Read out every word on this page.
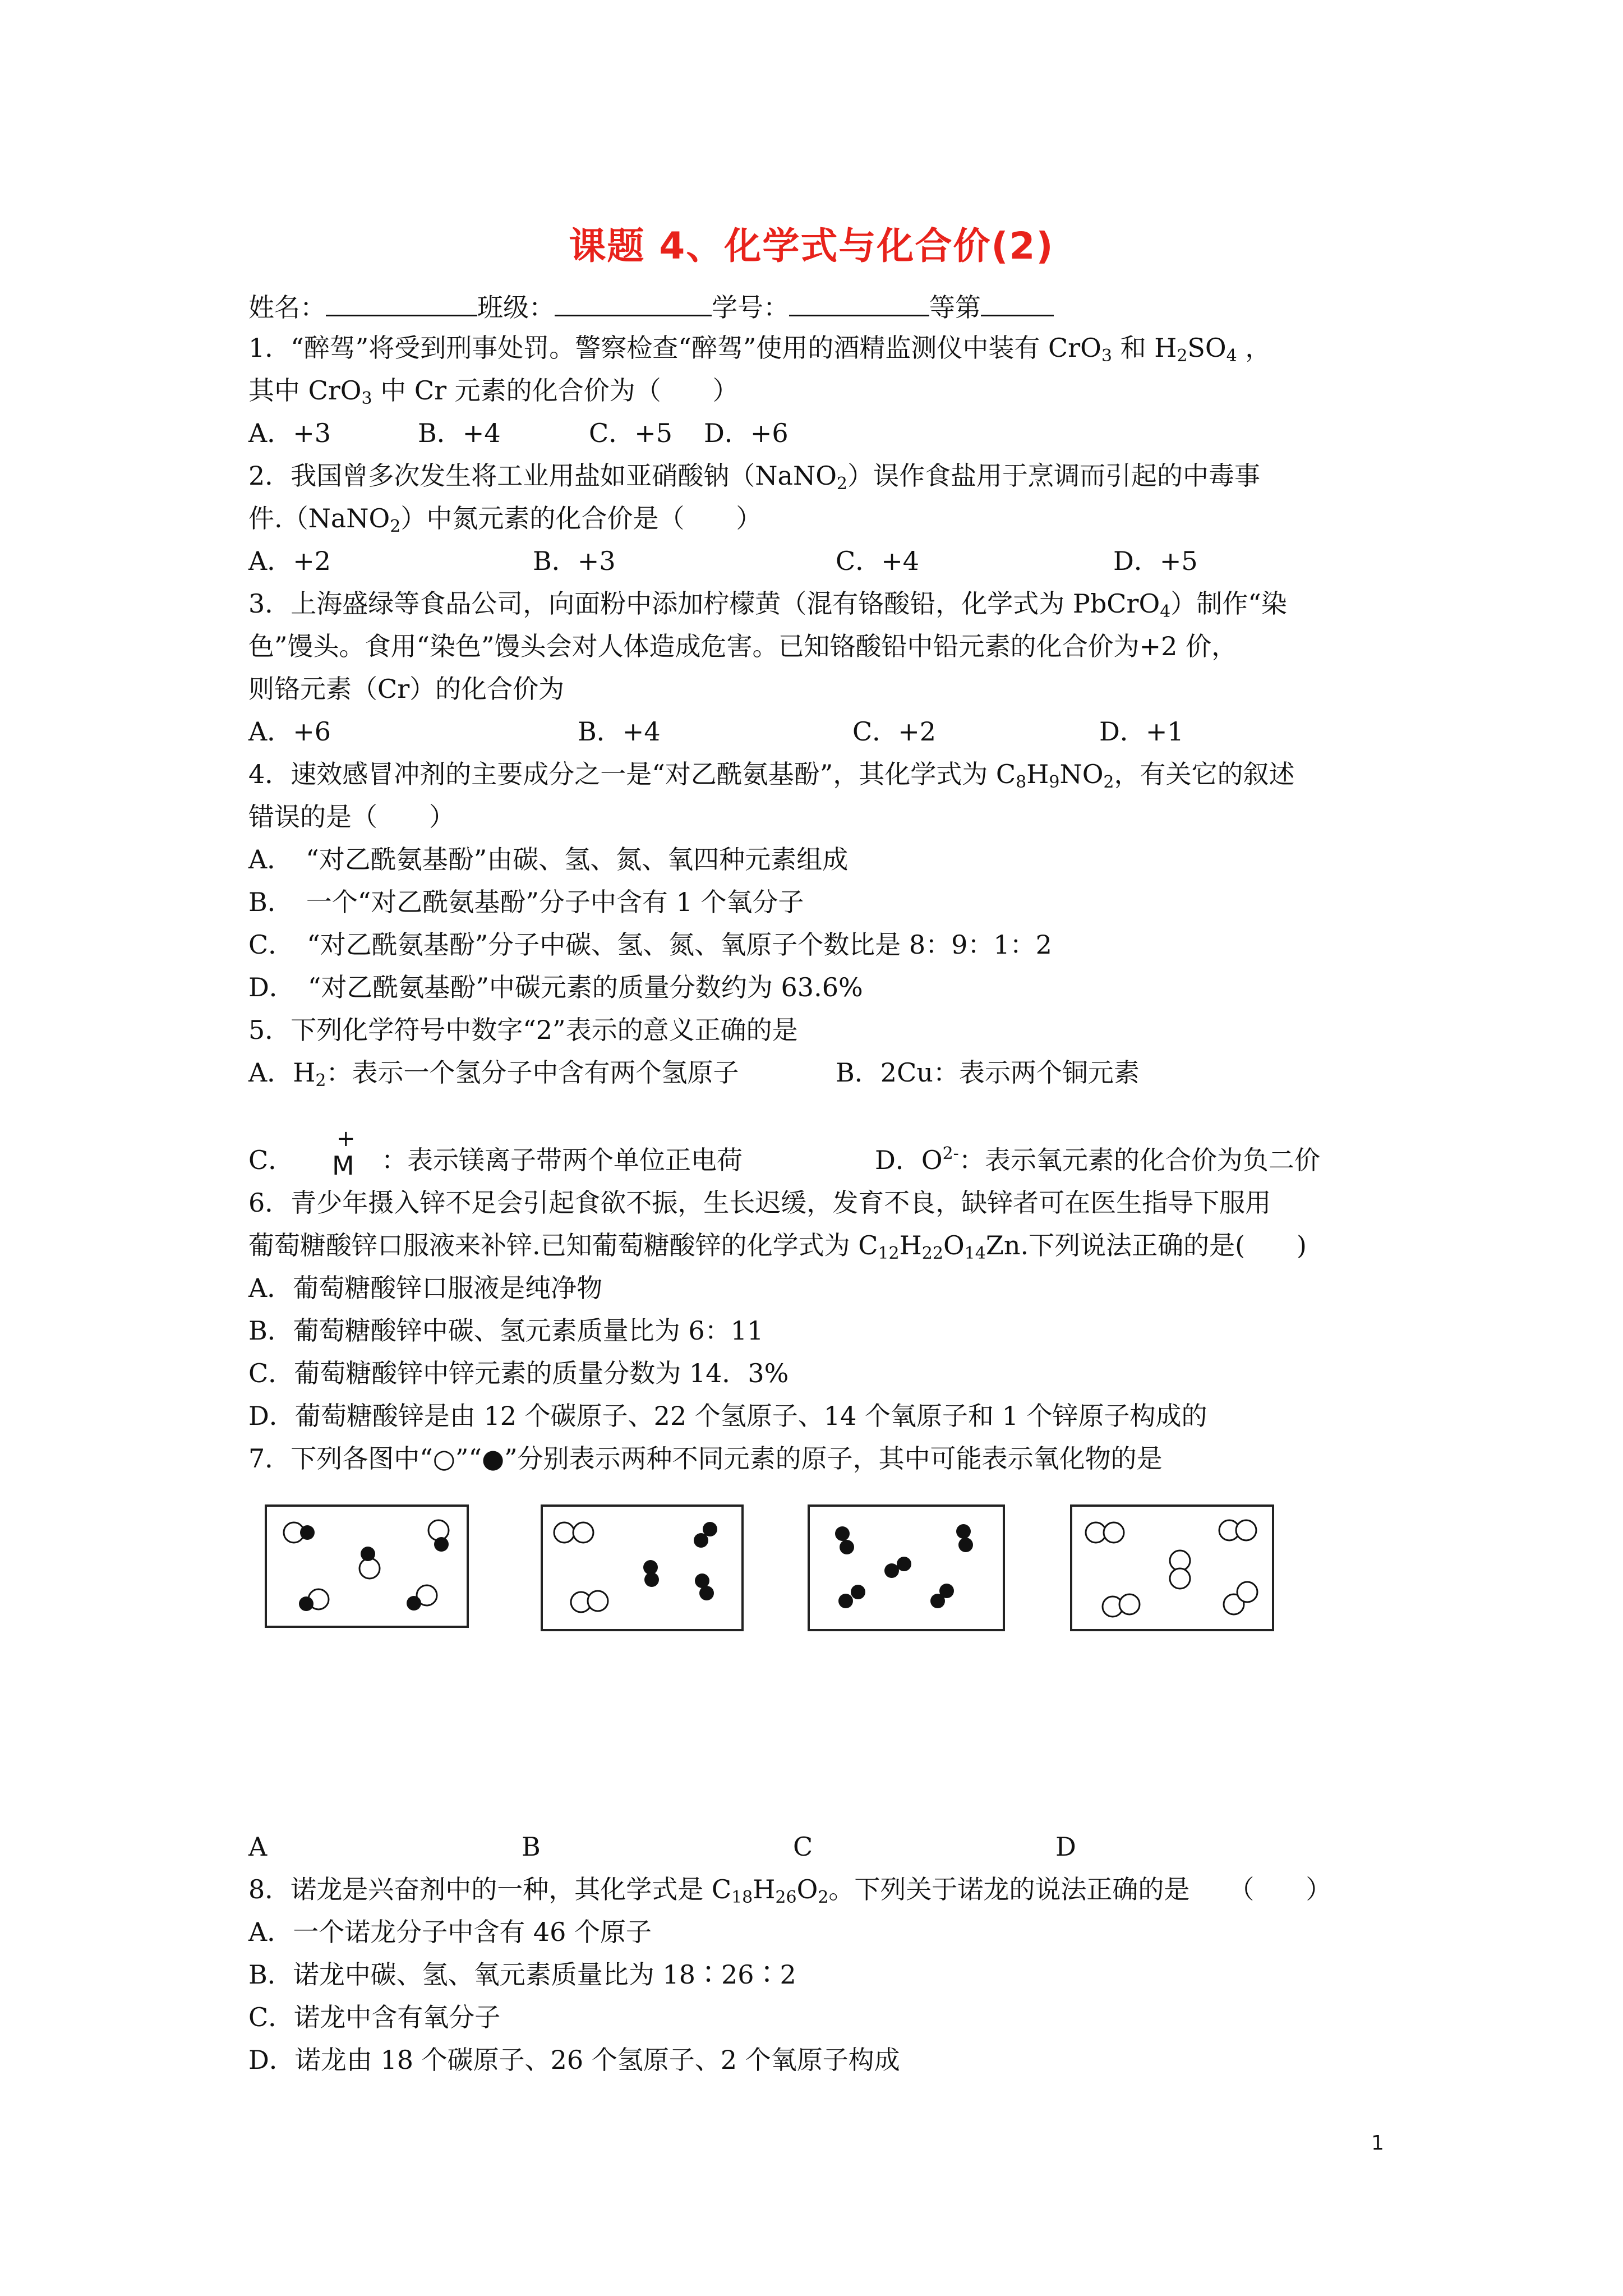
课题 4、化学式与化合价(2)
姓名：	班级：	学号：	等第
1．“醉驾”将受到刑事处罚。警察检查“醉驾”使用的酒精监测仪中装有 CrO$_3$ 和 $H_2SO_4$ ，
其中 CrO$_3$ 中 Cr 元素的化合价为（　　）
A．+3	B．+4	C．+5 D．+6
2．我国曾多次发生将工业用盐如亚硝酸钠（NaNO$_2$）误作食盐用于烹调而引起的中毒事
件.（NaNO$_2$）中氮元素的化合价是（　　）
A．+2	B．+3	C．+4	D．+5
3．上海盛绿等食品公司，向面粉中添加柠檬黄（混有铬酸铅，化学式为 PbCrO$_4$）制作“染
色”馒头。食用“染色”馒头会对人体造成危害。已知铬酸铅中铅元素的化合价为+2 价，
则铬元素（Cr）的化合价为
A．+6	B．+4	C．+2	D．+1
4．速效感冒冲剂的主要成分之一是“对乙酰氨基酚”，其化学式为 $C_8H_9NO_2$，有关它的叙述
错误的是（　　）
A．　“对乙酰氨基酚”由碳、氢、氮、氧四种元素组成
B．　一个“对乙酰氨基酚”分子中含有 1 个氧分子
C．　“对乙酰氨基酚”分子中碳、氢、氮、氧原子个数比是 8：9：1：2
D．　“对乙酰氨基酚”中碳元素的质量分数约为 63.6%
5．下列化学符号中数字“2”表示的意义正确的是
A．$H_2$：表示一个氢分子中含有两个氢原子	B．2Cu：表示两个铜元素
C．
+
M ：表示镁离子带两个单位正电荷	D．$O^{2-}$：表示氧元素的化合价为负二价
6．青少年摄入锌不足会引起食欲不振，生长迟缓，发育不良，缺锌者可在医生指导下服用
葡萄糖酸锌口服液来补锌.已知葡萄糖酸锌的化学式为 $C_{12}H_{22}O_{14}Zn$.下列说法正确的是(　　)
A．葡萄糖酸锌口服液是纯净物
B．葡萄糖酸锌中碳、氢元素质量比为 6：11
C．葡萄糖酸锌中锌元素的质量分数为 14．3%
D．葡萄糖酸锌是由 12 个碳原子、22 个氢原子、14 个氧原子和 1 个锌原子构成的
7．下列各图中“○”“●”分别表示两种不同元素的原子，其中可能表示氧化物的是
A	B	C	D
8．诺龙是兴奋剂中的一种，其化学式是 $C_{18}H_{26}O_2$。下列关于诺龙的说法正确的是　　（　　）
A．一个诺龙分子中含有 46 个原子
B．诺龙中碳、氢、氧元素质量比为 18∶26∶2
C．诺龙中含有氧分子
D．诺龙由 18 个碳原子、26 个氢原子、2 个氧原子构成
1
